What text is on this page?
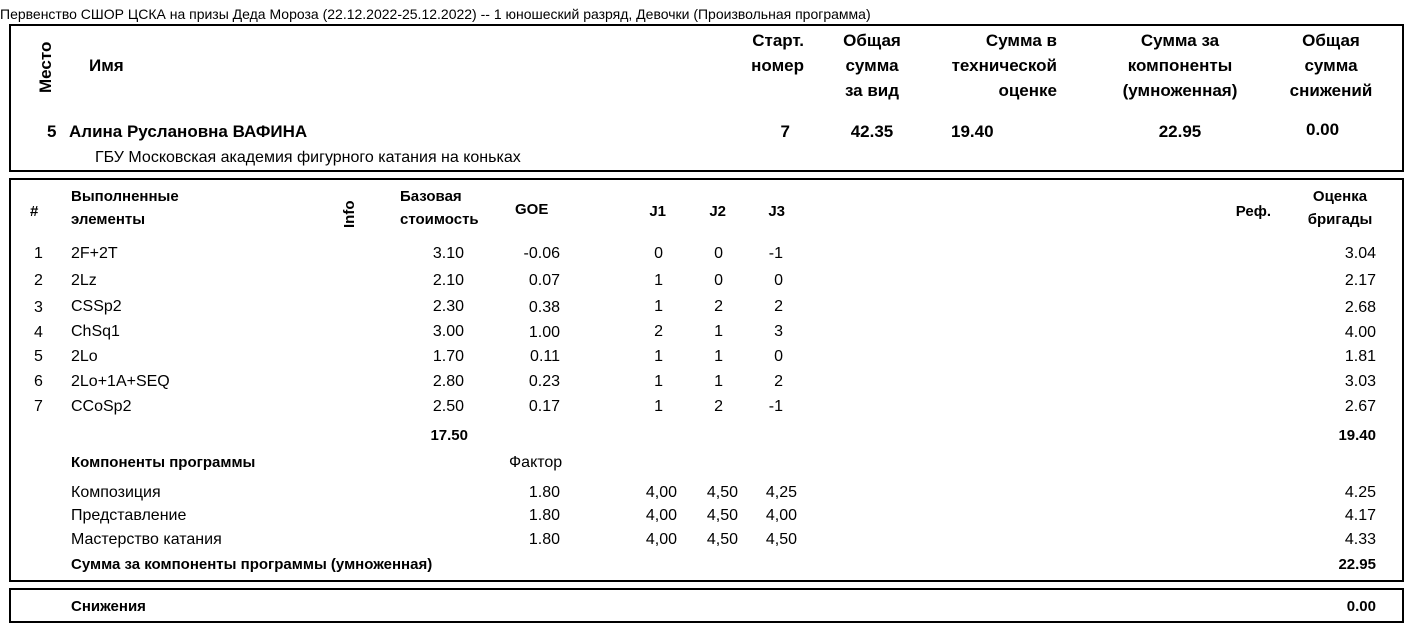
Первенство СШОР ЦСКА на призы Деда Мороза (22.12.2022-25.12.2022) -- 1 юношеский разряд, Девочки (Произвольная программа)
Место Имя
Старт.
номер
Общая
сумма
за вид
Сумма в
технической
оценке
Сумма за
компоненты
(умноженная)
Общая
сумма
снижений
5 Алина Руслановна ВАФИНА	7	42.35	19.40	22.95	0.00
ГБУ Московская академия фигурного катания на коньках
#
Выполненные
элементы	Info
Базовая
стоимость
GOE	J1	J2	J3	Реф.
Оценка
бригады
1 2F+2T	3.10	-0.06	0	0	-1	3.04
2 2Lz	2.10	0.07	1	0	0	2.17
3 CSSp2	2.30	0.38	1	2	2	2.68
4 ChSq1	3.00	1.00	2	1	3	4.00
5 2Lo	1.70	0.11	1	1	0	1.81
6 2Lo+1A+SEQ	2.80	0.23	1	1	2	3.03
7 CCoSp2	2.50	0.17	1	2	-1	2.67
17.50	19.40
Компоненты программы	Фактор
Композиция	1.80	4,00	4,50	4,25	4.25
Представление	1.80	4,00	4,50	4,00	4.17
Мастерство катания	1.80	4,00	4,50	4,50	4.33
Сумма за компоненты программы (умноженная)	22.95
Снижения	0.00
